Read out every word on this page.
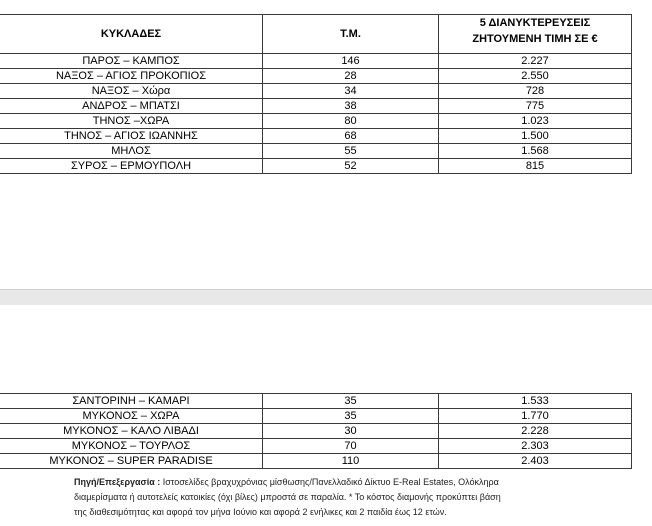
ΚΥΚΛΑΔΕΣ	Τ.Μ.	5 ΔΙΑΝΥΚΤΕΡΕΥΣΕΙΣ
ΖΗΤΟΥΜΕΝΗ ΤΙΜΗ ΣΕ €

ΠΑΡΟΣ – ΚΑΜΠΟΣ	146	2.227
ΝΑΞΟΣ – ΑΓΙΟΣ ΠΡΟΚΟΠΙΟΣ	28	2.550
ΝΑΞΟΣ – Χώρα	34	728
ΑΝΔΡΟΣ – ΜΠΑΤΣΙ	38	775
ΤΗΝΟΣ –ΧΩΡΑ	80	1.023
ΤΗΝΟΣ – ΑΓΙΟΣ ΙΩΑΝΝΗΣ	68	1.500
ΜΗΛΟΣ	55	1.568
ΣΥΡΟΣ – ΕΡΜΟΥΠΟΛΗ	52	815
ΣΑΝΤΟΡΙΝΗ – ΚΑΜΑΡΙ	35	1.533
ΜΥΚΟΝΟΣ – ΧΩΡΑ	35	1.770
ΜΥΚΟΝΟΣ – ΚΑΛΟ ΛΙΒΑΔΙ	30	2.228
ΜΥΚΟΝΟΣ – ΤΟΥΡΛΟΣ	70	2.303
ΜΥΚΟΝΟΣ – SUPER PARADISE	110	2.403
Πηγή/Επεξεργασία : Ιστοσελίδες βραχυχρόνιας μίσθωσης/Πανελλαδικό Δίκτυο E-Real Estates, Ολόκληρα
διαμερίσματα ή αυτοτελείς κατοικίες (όχι βίλες) μπροστά σε παραλία. * Το κόστος διαμονής προκύπτει βάση
της διαθεσιμότητας και αφορά τον μήνα Ιούνιο και αφορά 2 ενήλικες και 2 παιδία έως 12 ετών.
